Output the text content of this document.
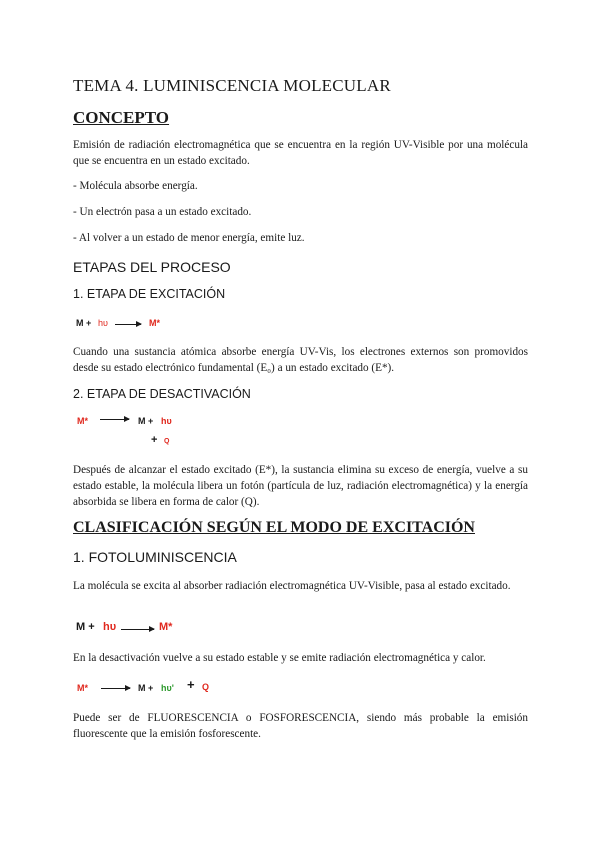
TEMA 4. LUMINISCENCIA MOLECULAR
CONCEPTO
Emisión de radiación electromagnética que se encuentra en la región UV-Visible por una molécula que se encuentra en un estado excitado.
- Molécula absorbe energía.
- Un electrón pasa a un estado excitado.
- Al volver a un estado de menor energía, emite luz.
ETAPAS DEL PROCESO
1. ETAPA DE EXCITACIÓN
M + hυ → M*
Cuando una sustancia atómica absorbe energía UV-Vis, los electrones externos son promovidos desde su estado electrónico fundamental (E₀) a un estado excitado (E*).
2. ETAPA DE DESACTIVACIÓN
M* → M + hυ
+ Q
Después de alcanzar el estado excitado (E*), la sustancia elimina su exceso de energía, vuelve a su estado estable, la molécula libera un fotón (partícula de luz, radiación electromagnética) y la energía absorbida se libera en forma de calor (Q).
CLASIFICACIÓN SEGÚN EL MODO DE EXCITACIÓN
1. FOTOLUMINISCENCIA
La molécula se excita al absorber radiación electromagnética UV-Visible, pasa al estado excitado.
M + hυ → M*
En la desactivación vuelve a su estado estable y se emite radiación electromagnética y calor.
M* → M + hυ' + Q
Puede ser de FLUORESCENCIA o FOSFORESCENCIA, siendo más probable la emisión fluorescente que la emisión fosforescente.
